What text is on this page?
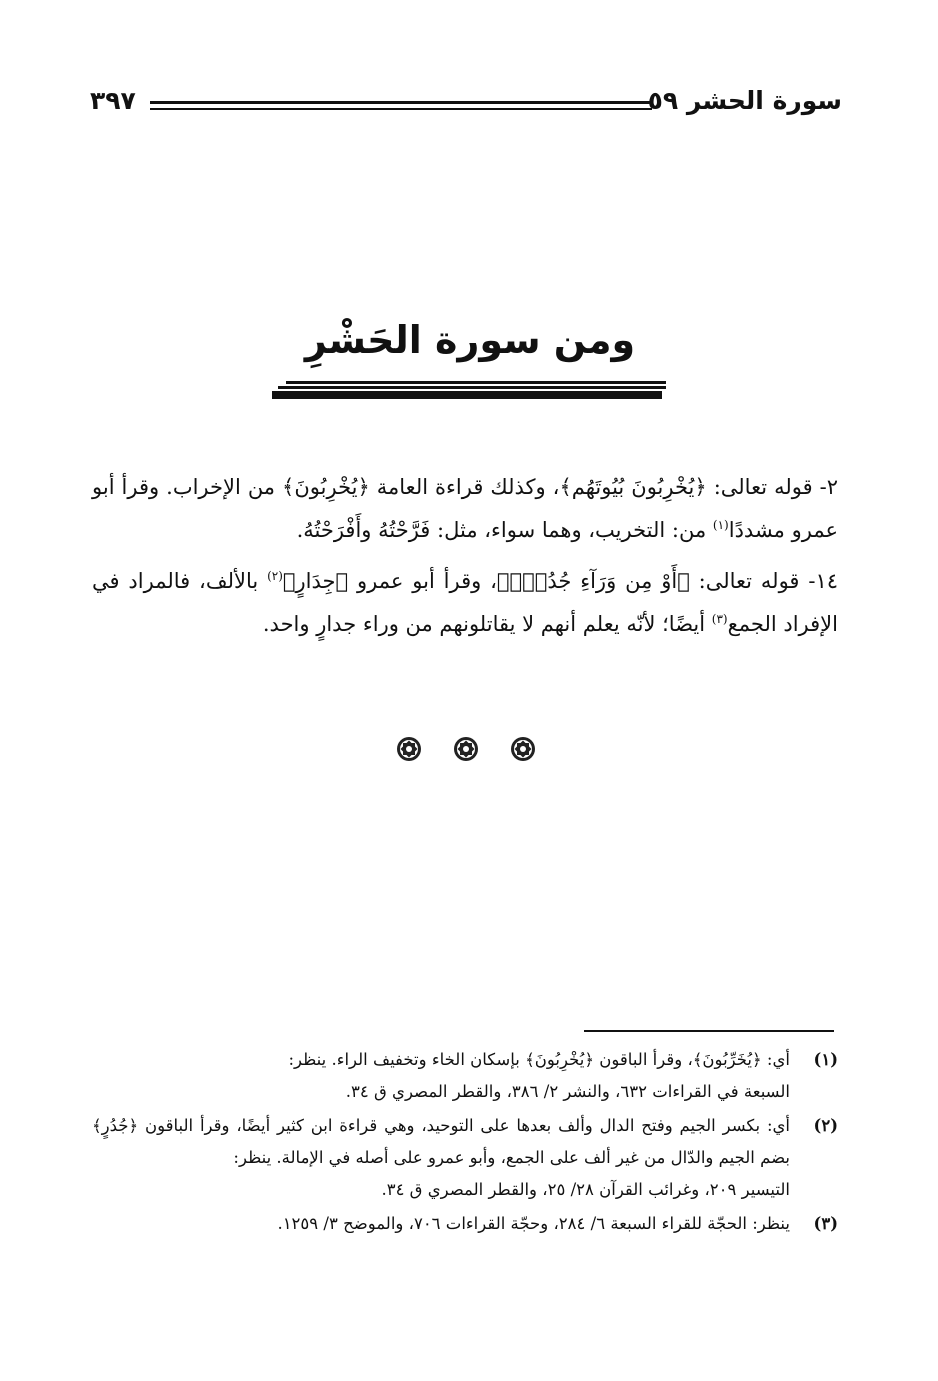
سورة الحشر ٥٩
٣٩٧
ومن سورة الحَشْرِ

٢- قوله تعالى: ﴿يُخْرِبُونَ بُيُوتَهُم﴾، وكذلك قراءة العامة ﴿يُخْرِبُونَ﴾ من الإخراب. وقرأ أبو عمرو مشددًا$^{(١)}$ من: التخريب، وهما سواء، مثل: فَرَّحْتُهُ وأَفْرَحْتُهُ.

١٤- قوله تعالى: ﴿أَوْ مِن وَرَآءِ جُدُرِۭ﴾، وقرأ أبو عمرو ﴿جِدَارٍ﴾$^{(٢)}$ بالألف، فالمراد في الإفراد الجمع$^{(٣)}$ أيضًا؛ لأنّه يعلم أنهم لا يقاتلونهم من وراء جدارٍ واحد.

(١)
أي: ﴿يُخَرِّبُونَ﴾، وقرأ الباقون ﴿يُخْرِبُونَ﴾ بإسكان الخاء وتخفيف الراء. ينظر:
السبعة في القراءات ٦٣٢، والنشر ٢/ ٣٨٦، والقطر المصري ق ٣٤.
(٢)
أي: بكسر الجيم وفتح الدال وألف بعدها على التوحيد، وهي قراءة ابن كثير أيضًا، وقرأ الباقون ﴿جُدُرٍ﴾ بضم الجيم والدّال من غير ألف على الجمع، وأبو عمرو على أصله في الإمالة. ينظر:
التيسير ٢٠٩، وغرائب القرآن ٢٨/ ٢٥، والقطر المصري ق ٣٤.
(٣)
ينظر: الحجّة للقراء السبعة ٦/ ٢٨٤، وحجّة القراءات ٧٠٦، والموضح ٣/ ١٢٥٩.
